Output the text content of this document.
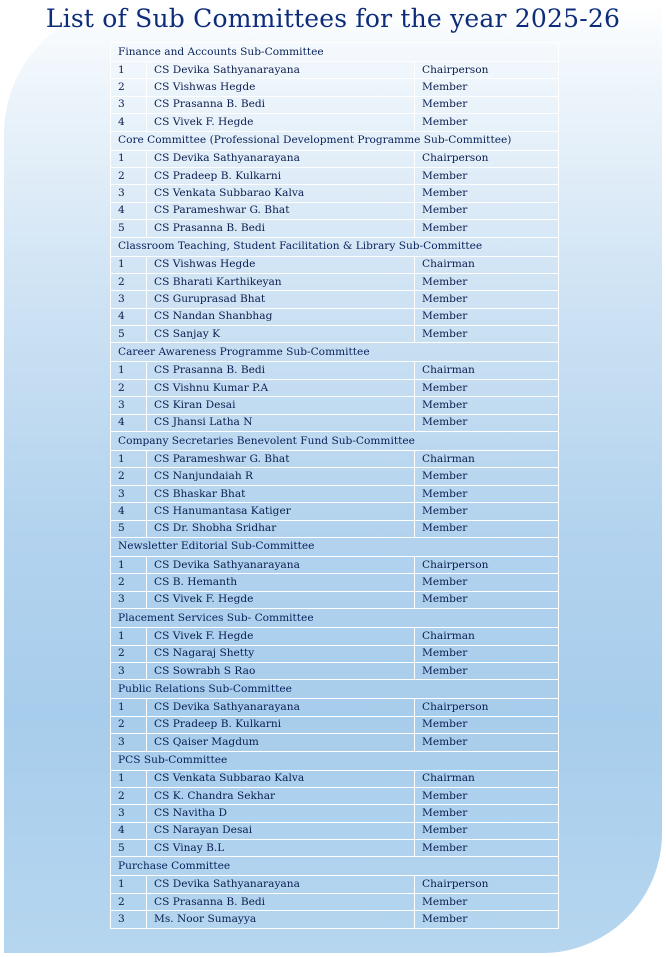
List of Sub Committees for the year 2025-26
Finance and Accounts Sub-Committee		
1	CS Devika Sathyanarayana	Chairperson
2	CS Vishwas Hegde	Member
3	CS Prasanna B. Bedi	Member
4	CS Vivek F. Hegde	Member
Core Committee (Professional Development Programme Sub-Committee)		
1	CS Devika Sathyanarayana	Chairperson
2	CS Pradeep B. Kulkarni	Member
3	CS Venkata Subbarao Kalva	Member
4	CS Parameshwar G. Bhat	Member
5	CS Prasanna B. Bedi	Member
Classroom Teaching, Student Facilitation & Library Sub-Committee		
1	CS Vishwas Hegde	Chairman
2	CS Bharati Karthikeyan	Member
3	CS Guruprasad Bhat	Member
4	CS Nandan Shanbhag	Member
5	CS Sanjay K	Member
Career Awareness Programme Sub-Committee		
1	CS Prasanna B. Bedi	Chairman
2	CS Vishnu Kumar P.A	Member
3	CS Kiran Desai	Member
4	CS Jhansi Latha N	Member
Company Secretaries Benevolent Fund Sub-Committee		
1	CS Parameshwar G. Bhat	Chairman
2	CS Nanjundaiah R	Member
3	CS Bhaskar Bhat	Member
4	CS Hanumantasa Katiger	Member
5	CS Dr. Shobha Sridhar	Member
Newsletter Editorial Sub-Committee		
1	CS Devika Sathyanarayana	Chairperson
2	CS B. Hemanth	Member
3	CS Vivek F. Hegde	Member
Placement Services Sub- Committee		
1	CS Vivek F. Hegde	Chairman
2	CS Nagaraj Shetty	Member
3	CS Sowrabh S Rao	Member
Public Relations Sub-Committee		
1	CS Devika Sathyanarayana	Chairperson
2	CS Pradeep B. Kulkarni	Member
3	CS Qaiser Magdum	Member
PCS Sub-Committee		
1	CS Venkata Subbarao Kalva	Chairman
2	CS K. Chandra Sekhar	Member
3	CS Navitha D	Member
4	CS Narayan Desai	Member
5	CS Vinay B.L	Member
Purchase Committee		
1	CS Devika Sathyanarayana	Chairperson
2	CS Prasanna B. Bedi	Member
3	Ms. Noor Sumayya	Member
